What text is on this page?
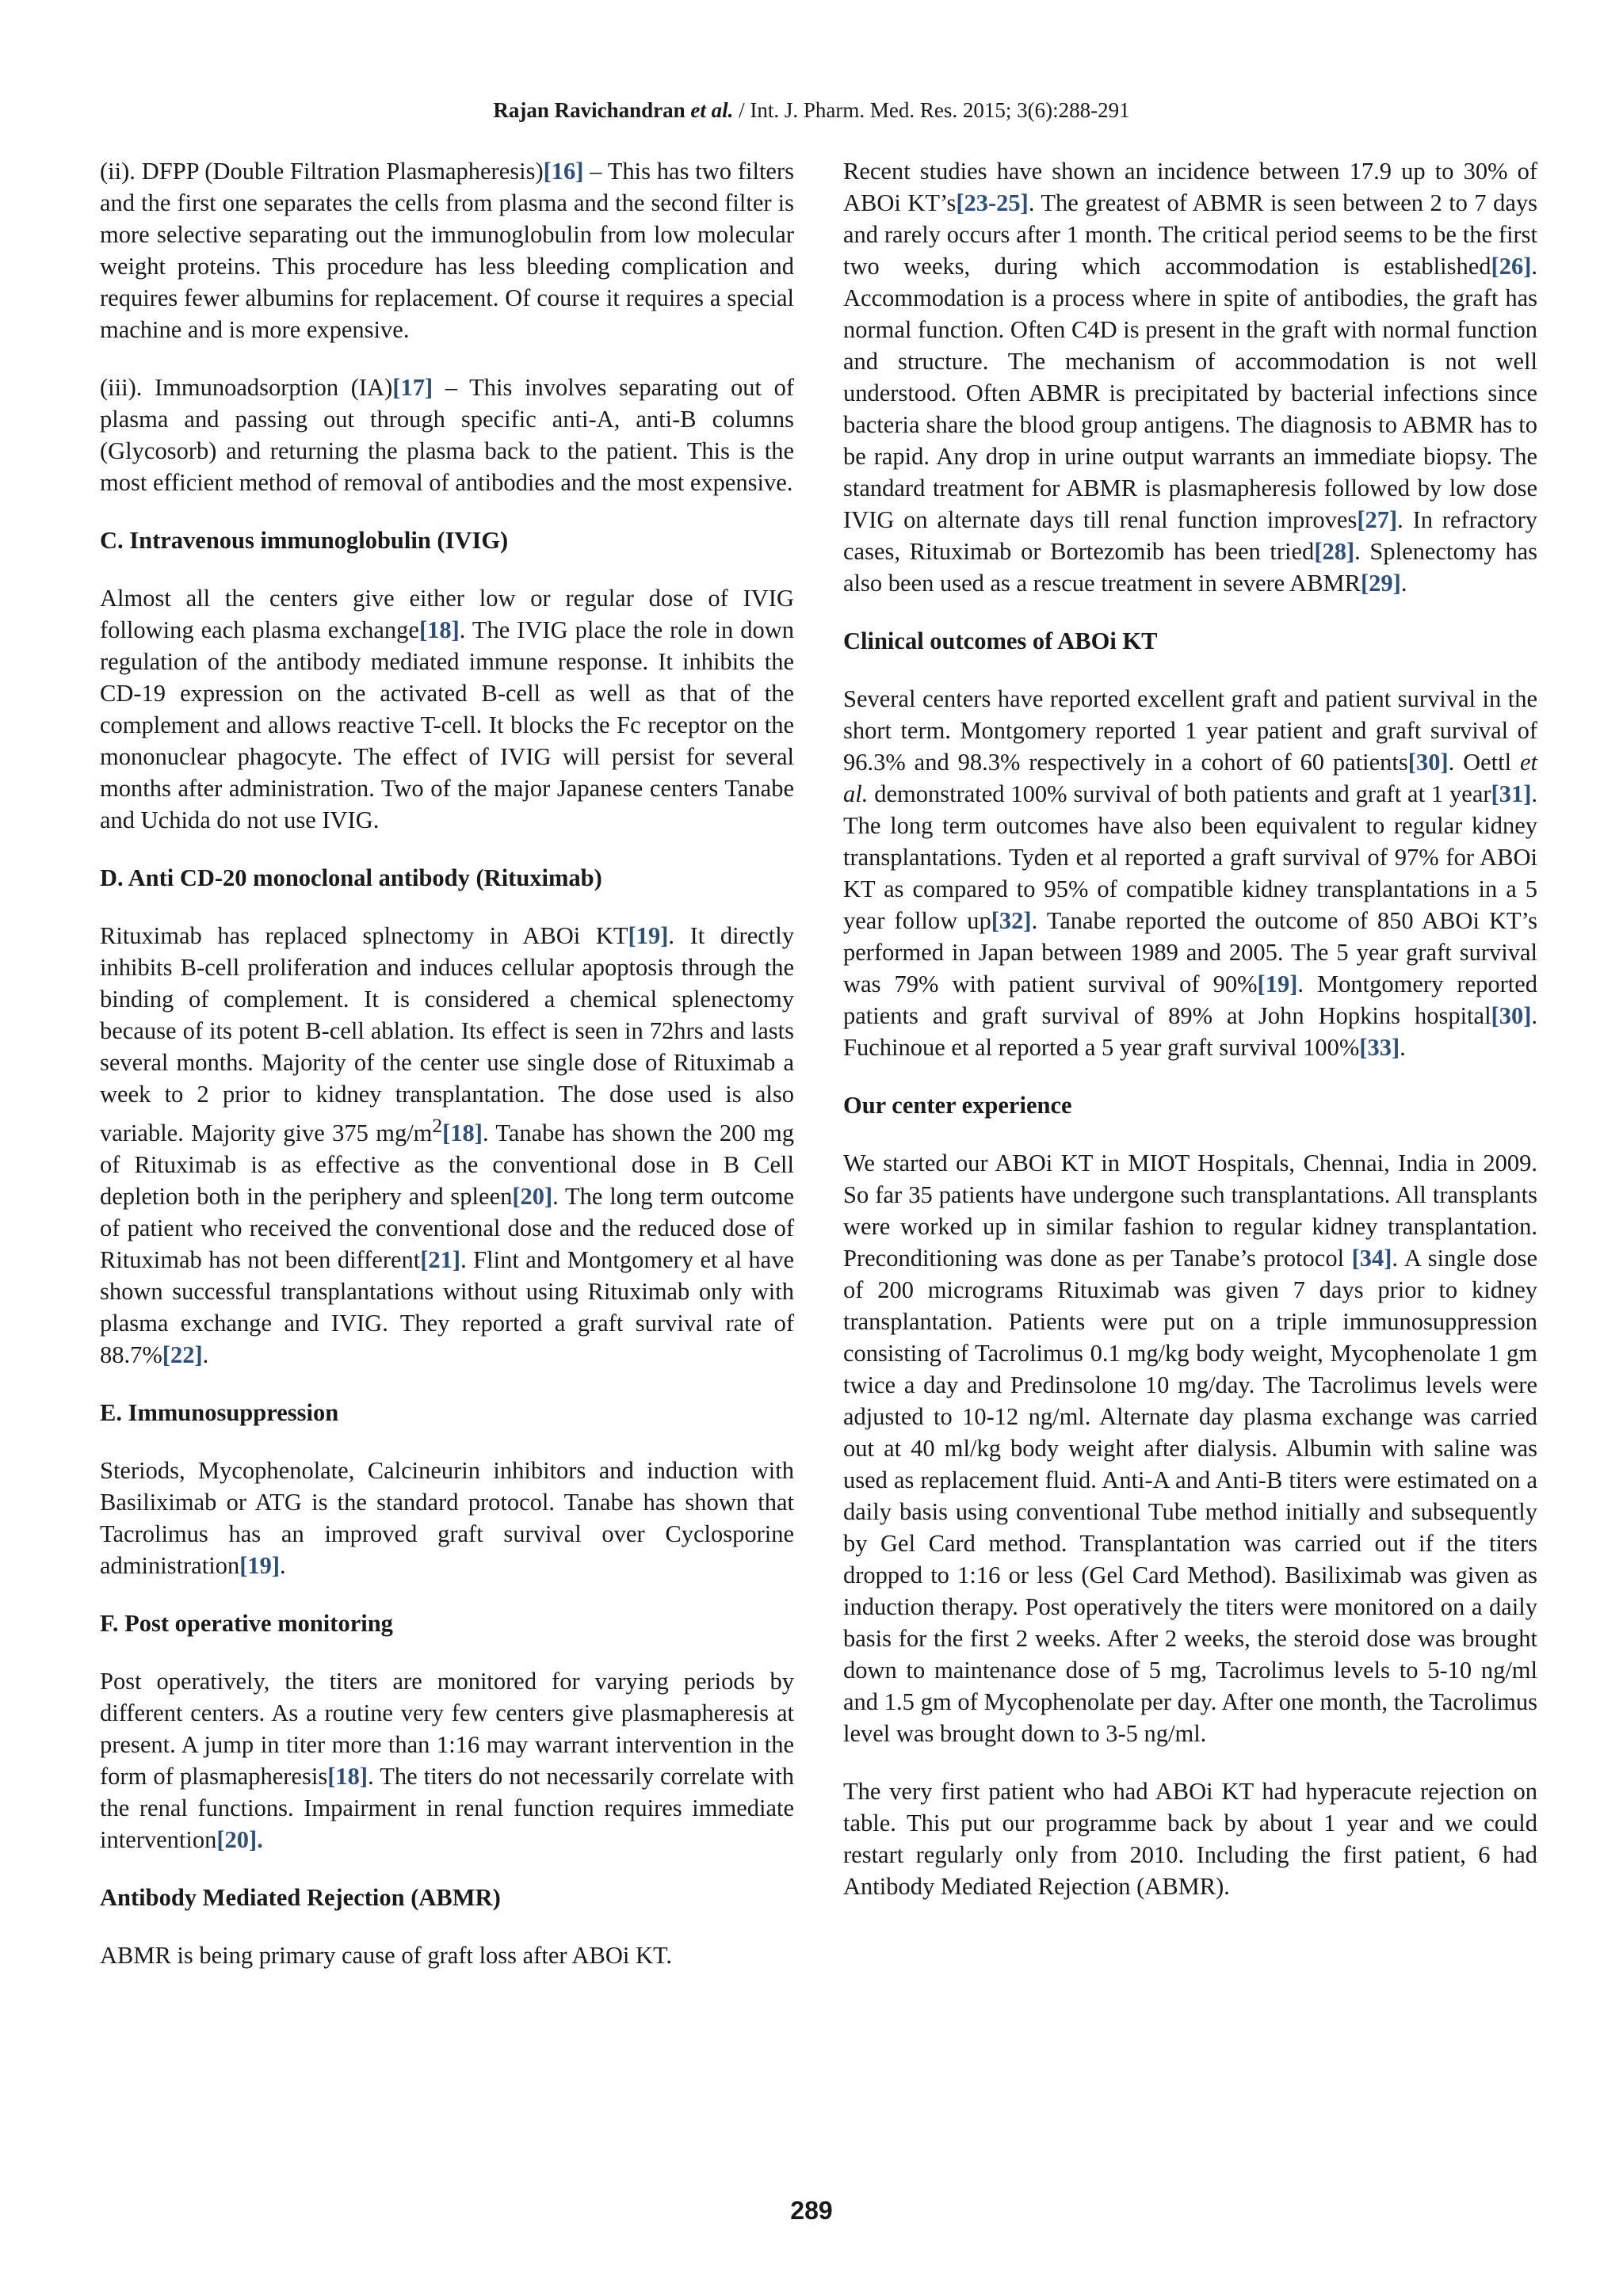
Rajan Ravichandran et al. / Int. J. Pharm. Med. Res. 2015; 3(6):288-291

(ii). DFPP (Double Filtration Plasmapheresis)[16] – This has two filters and the first one separates the cells from plasma and the second filter is more selective separating out the immunoglobulin from low molecular weight proteins. This procedure has less bleeding complication and requires fewer albumins for replacement. Of course it requires a special machine and is more expensive.

(iii). Immunoadsorption (IA)[17] – This involves separating out of plasma and passing out through specific anti-A, anti-B columns (Glycosorb) and returning the plasma back to the patient. This is the most efficient method of removal of antibodies and the most expensive.

C. Intravenous immunoglobulin (IVIG)

Almost all the centers give either low or regular dose of IVIG following each plasma exchange[18]. The IVIG place the role in down regulation of the antibody mediated immune response. It inhibits the CD-19 expression on the activated B-cell as well as that of the complement and allows reactive T-cell. It blocks the Fc receptor on the mononuclear phagocyte. The effect of IVIG will persist for several months after administration. Two of the major Japanese centers Tanabe and Uchida do not use IVIG.

D. Anti CD-20 monoclonal antibody (Rituximab)

Rituximab has replaced splnectomy in ABOi KT[19]. It directly inhibits B-cell proliferation and induces cellular apoptosis through the binding of complement. It is considered a chemical splenectomy because of its potent B-cell ablation. Its effect is seen in 72hrs and lasts several months. Majority of the center use single dose of Rituximab a week to 2 prior to kidney transplantation. The dose used is also variable. Majority give 375 $mg/m^2[18]$. Tanabe has shown the 200 mg of Rituximab is as effective as the conventional dose in B Cell depletion both in the periphery and spleen[20]. The long term outcome of patient who received the conventional dose and the reduced dose of Rituximab has not been different[21]. Flint and Montgomery et al have shown successful transplantations without using Rituximab only with plasma exchange and IVIG. They reported a graft survival rate of 88.7%[22].

E. Immunosuppression

Steriods, Mycophenolate, Calcineurin inhibitors and induction with Basiliximab or ATG is the standard protocol. Tanabe has shown that Tacrolimus has an improved graft survival over Cyclosporine administration[19].

F. Post operative monitoring

Post operatively, the titers are monitored for varying periods by different centers. As a routine very few centers give plasmapheresis at present. A jump in titer more than 1:16 may warrant intervention in the form of plasmapheresis[18]. The titers do not necessarily correlate with the renal functions. Impairment in renal function requires immediate intervention[20].

Antibody Mediated Rejection (ABMR)

ABMR is being primary cause of graft loss after ABOi KT.

Recent studies have shown an incidence between 17.9 up to 30% of ABOi KT’s[23-25]. The greatest of ABMR is seen between 2 to 7 days and rarely occurs after 1 month. The critical period seems to be the first two weeks, during which accommodation is established[26]. Accommodation is a process where in spite of antibodies, the graft has normal function. Often C4D is present in the graft with normal function and structure. The mechanism of accommodation is not well understood. Often ABMR is precipitated by bacterial infections since bacteria share the blood group antigens. The diagnosis to ABMR has to be rapid. Any drop in urine output warrants an immediate biopsy. The standard treatment for ABMR is plasmapheresis followed by low dose IVIG on alternate days till renal function improves[27]. In refractory cases, Rituximab or Bortezomib has been tried[28]. Splenectomy has also been used as a rescue treatment in severe ABMR[29].

Clinical outcomes of ABOi KT

Several centers have reported excellent graft and patient survival in the short term. Montgomery reported 1 year patient and graft survival of 96.3% and 98.3% respectively in a cohort of 60 patients[30]. Oettl et al. demonstrated 100% survival of both patients and graft at 1 year[31]. The long term outcomes have also been equivalent to regular kidney transplantations. Tyden et al reported a graft survival of 97% for ABOi KT as compared to 95% of compatible kidney transplantations in a 5 year follow up[32]. Tanabe reported the outcome of 850 ABOi KT’s performed in Japan between 1989 and 2005. The 5 year graft survival was 79% with patient survival of 90%[19]. Montgomery reported patients and graft survival of 89% at John Hopkins hospital[30]. Fuchinoue et al reported a 5 year graft survival 100%[33].

Our center experience

We started our ABOi KT in MIOT Hospitals, Chennai, India in 2009. So far 35 patients have undergone such transplantations. All transplants were worked up in similar fashion to regular kidney transplantation. Preconditioning was done as per Tanabe’s protocol [34]. A single dose of 200 micrograms Rituximab was given 7 days prior to kidney transplantation. Patients were put on a triple immunosuppression consisting of Tacrolimus 0.1 mg/kg body weight, Mycophenolate 1 gm twice a day and Predinsolone 10 mg/day. The Tacrolimus levels were adjusted to 10-12 ng/ml. Alternate day plasma exchange was carried out at 40 ml/kg body weight after dialysis. Albumin with saline was used as replacement fluid. Anti-A and Anti-B titers were estimated on a daily basis using conventional Tube method initially and subsequently by Gel Card method. Transplantation was carried out if the titers dropped to 1:16 or less (Gel Card Method). Basiliximab was given as induction therapy. Post operatively the titers were monitored on a daily basis for the first 2 weeks. After 2 weeks, the steroid dose was brought down to maintenance dose of 5 mg, Tacrolimus levels to 5-10 ng/ml and 1.5 gm of Mycophenolate per day. After one month, the Tacrolimus level was brought down to 3-5 ng/ml.

The very first patient who had ABOi KT had hyperacute rejection on table. This put our programme back by about 1 year and we could restart regularly only from 2010. Including the first patient, 6 had Antibody Mediated Rejection (ABMR).

289
